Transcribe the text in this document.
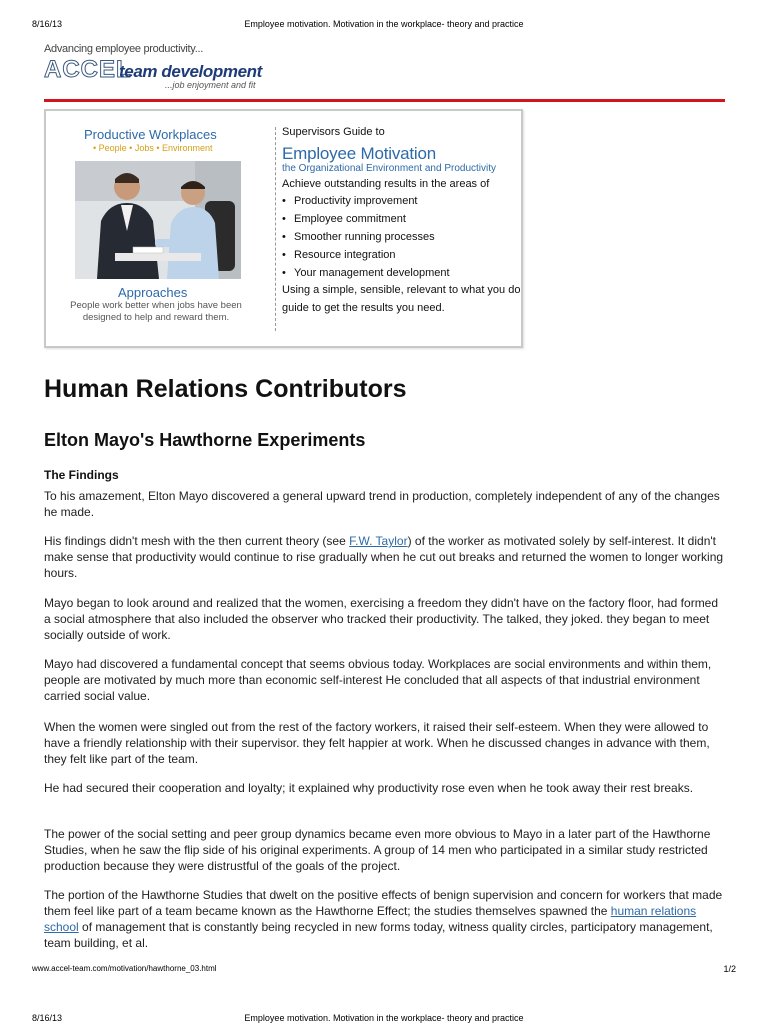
8/16/13	Employee motivation. Motivation in the workplace- theory and practice
Advancing employee productivity...
ACCEL
team development
...job enjoyment and fit
Productive Workplaces
• People • Jobs • Environment
Approaches
People work better when jobs have been designed to help and reward them.
Supervisors Guide to
Employee Motivation
the Organizational Environment and Productivity
Achieve outstanding results in the areas of
• Productivity improvement
• Employee commitment
• Smoother running processes
• Resource integration
• Your management development
Using a simple, sensible, relevant to what you do guide to get the results you need.
Human Relations Contributors
Elton Mayo's Hawthorne Experiments
The Findings
To his amazement, Elton Mayo discovered a general upward trend in production, completely independent of any of the changes he made.
His findings didn't mesh with the then current theory (see F.W. Taylor) of the worker as motivated solely by self-interest. It didn't make sense that productivity would continue to rise gradually when he cut out breaks and returned the women to longer working hours.
Mayo began to look around and realized that the women, exercising a freedom they didn't have on the factory floor, had formed a social atmosphere that also included the observer who tracked their productivity. The talked, they joked. they began to meet socially outside of work.
Mayo had discovered a fundamental concept that seems obvious today. Workplaces are social environments and within them, people are motivated by much more than economic self-interest He concluded that all aspects of that industrial environment carried social value.
When the women were singled out from the rest of the factory workers, it raised their self-esteem. When they were allowed to have a friendly relationship with their supervisor. they felt happier at work. When he discussed changes in advance with them, they felt like part of the team.
He had secured their cooperation and loyalty; it explained why productivity rose even when he took away their rest breaks.
The power of the social setting and peer group dynamics became even more obvious to Mayo in a later part of the Hawthorne Studies, when he saw the flip side of his original experiments. A group of 14 men who participated in a similar study restricted production because they were distrustful of the goals of the project.
The portion of the Hawthorne Studies that dwelt on the positive effects of benign supervision and concern for workers that made them feel like part of a team became known as the Hawthorne Effect; the studies themselves spawned the human relations school of management that is constantly being recycled in new forms today, witness quality circles, participatory management, team building, et al.
www.accel-team.com/motivation/hawthorne_03.html	1/2
8/16/13	Employee motivation. Motivation in the workplace- theory and practice
